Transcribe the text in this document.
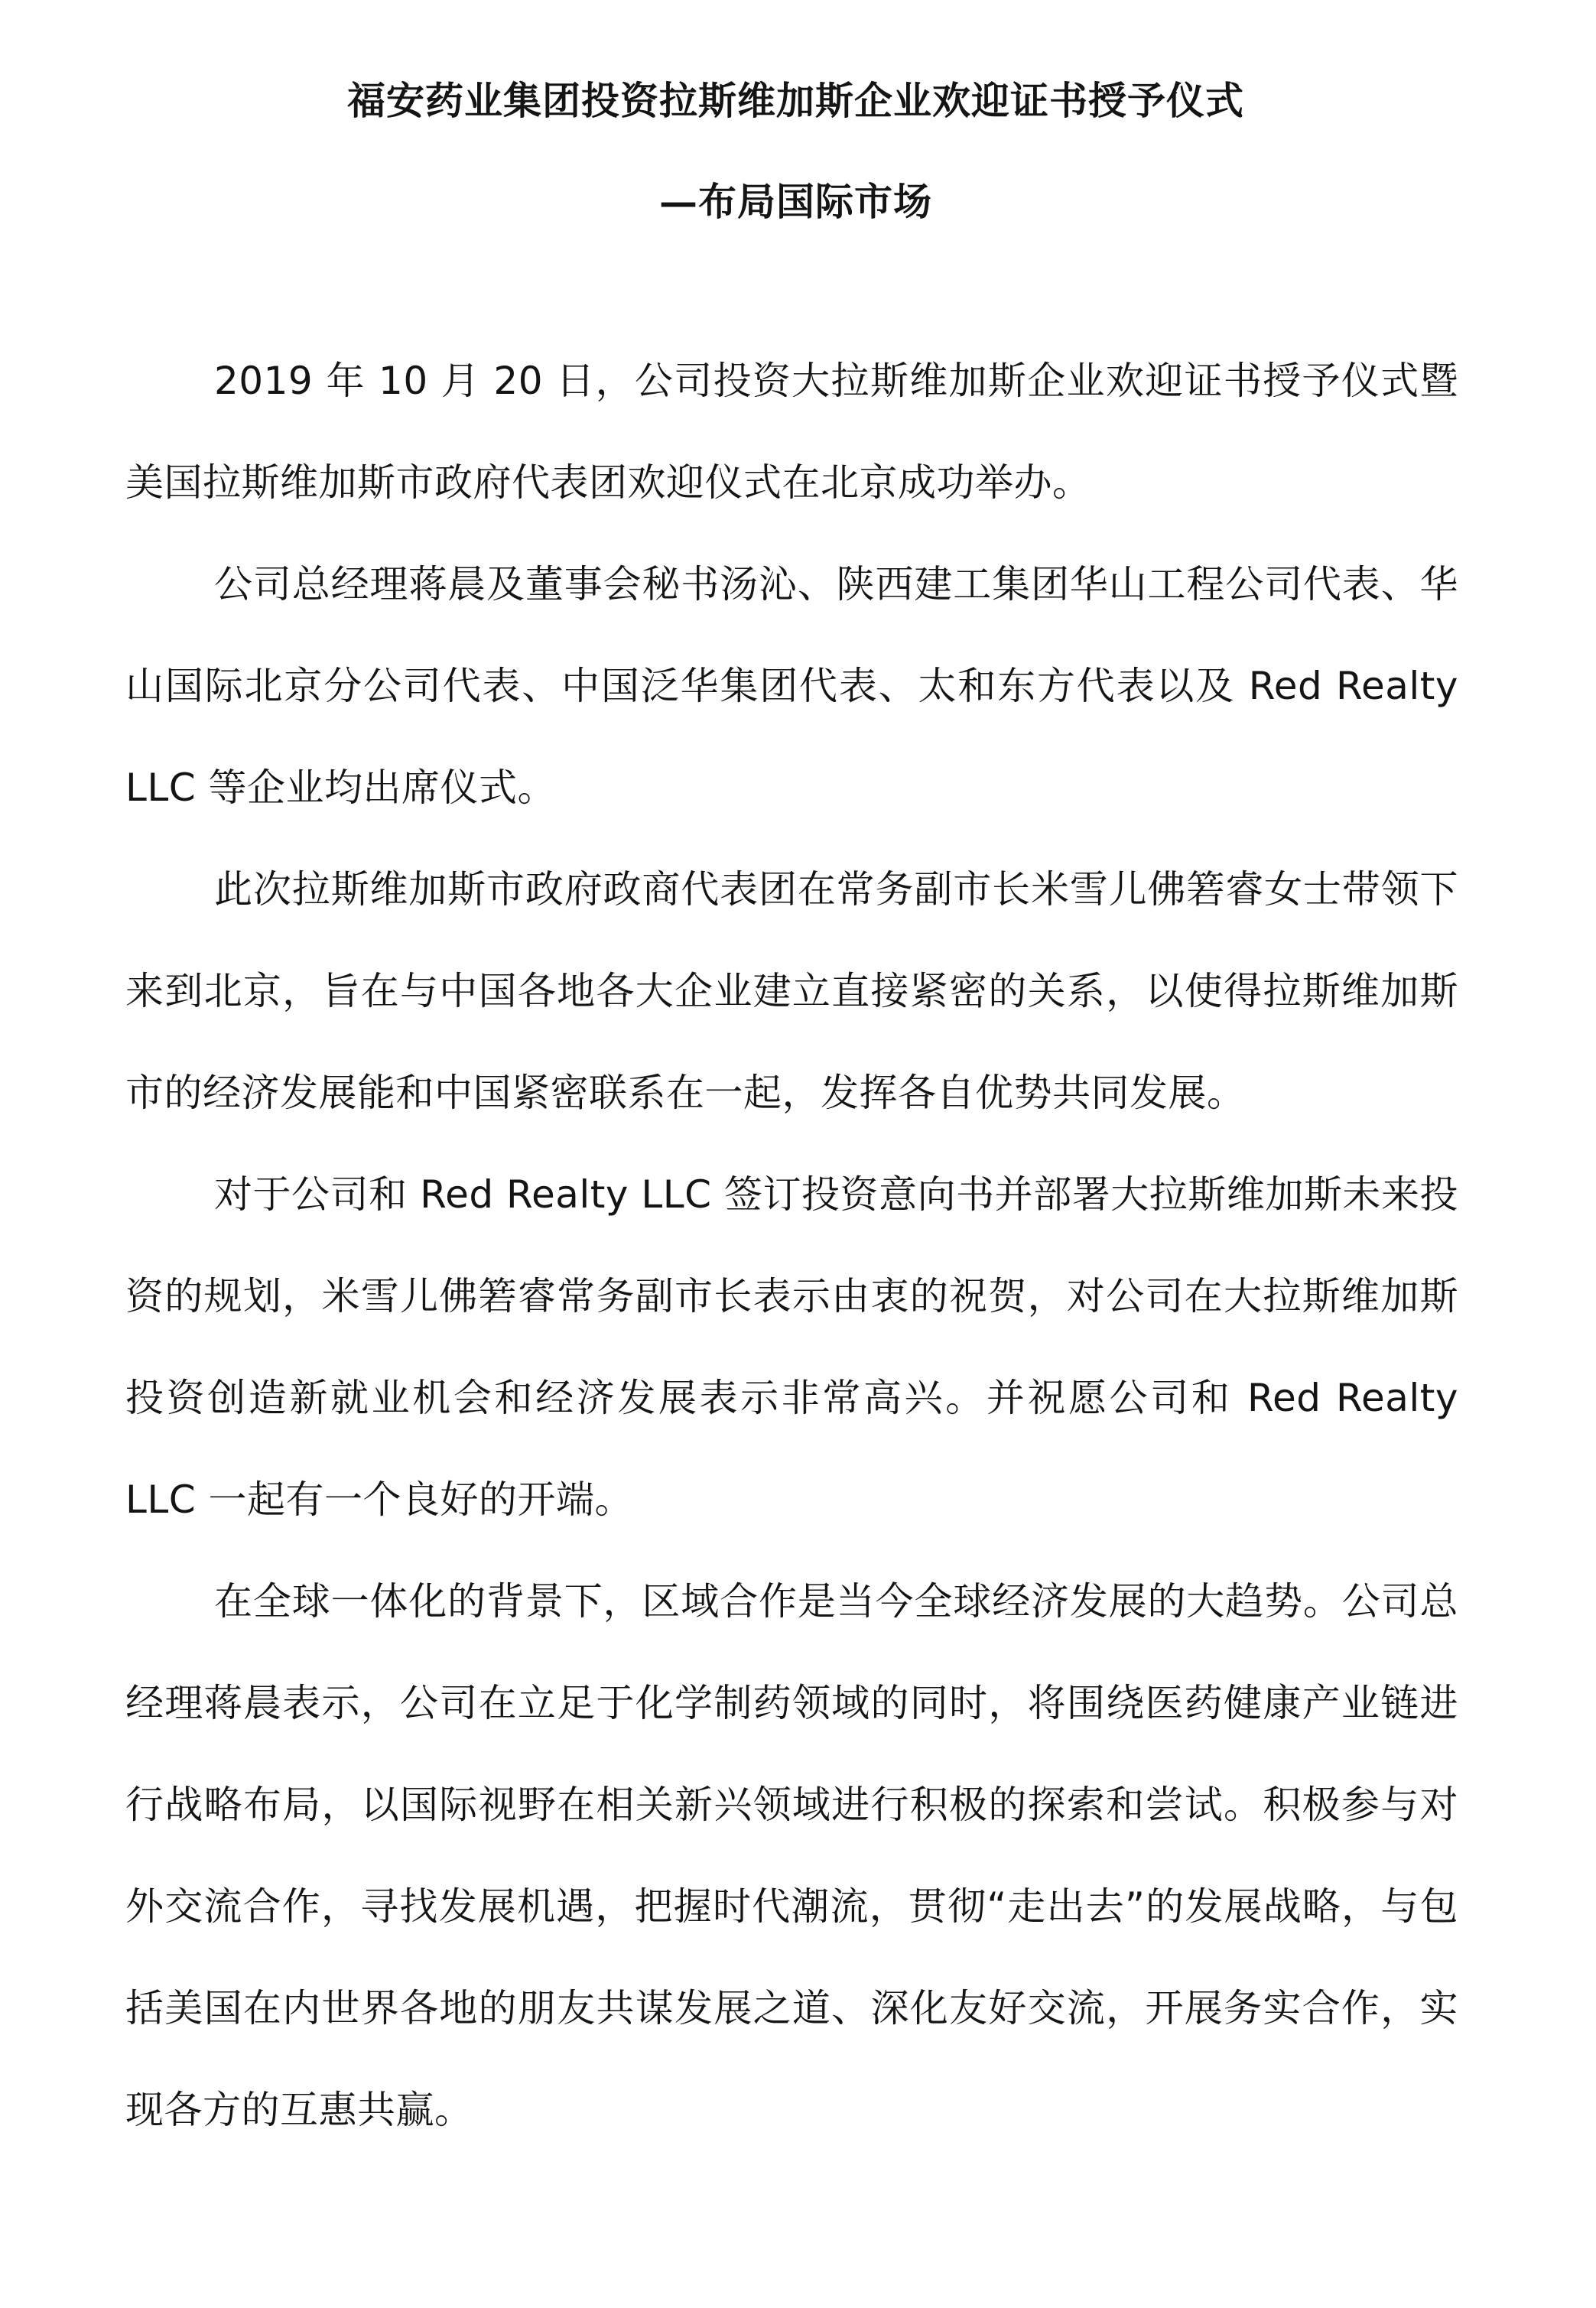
福安药业集团投资拉斯维加斯企业欢迎证书授予仪式
—布局国际市场

2019 年 10 月 20 日，公司投资大拉斯维加斯企业欢迎证书授予仪式暨美国拉斯维加斯市政府代表团欢迎仪式在北京成功举办。

公司总经理蒋晨及董事会秘书汤沁、陕西建工集团华山工程公司代表、华山国际北京分公司代表、中国泛华集团代表、太和东方代表以及 Red Realty LLC 等企业均出席仪式。

此次拉斯维加斯市政府政商代表团在常务副市长米雪儿佛箬睿女士带领下来到北京，旨在与中国各地各大企业建立直接紧密的关系，以使得拉斯维加斯市的经济发展能和中国紧密联系在一起，发挥各自优势共同发展。

对于公司和 Red Realty LLC 签订投资意向书并部署大拉斯维加斯未来投资的规划，米雪儿佛箬睿常务副市长表示由衷的祝贺，对公司在大拉斯维加斯投资创造新就业机会和经济发展表示非常高兴。并祝愿公司和 Red Realty LLC 一起有一个良好的开端。

在全球一体化的背景下，区域合作是当今全球经济发展的大趋势。公司总经理蒋晨表示，公司在立足于化学制药领域的同时，将围绕医药健康产业链进行战略布局，以国际视野在相关新兴领域进行积极的探索和尝试。积极参与对外交流合作，寻找发展机遇，把握时代潮流，贯彻“走出去”的发展战略，与包括美国在内世界各地的朋友共谋发展之道、深化友好交流，开展务实合作，实现各方的互惠共赢。
